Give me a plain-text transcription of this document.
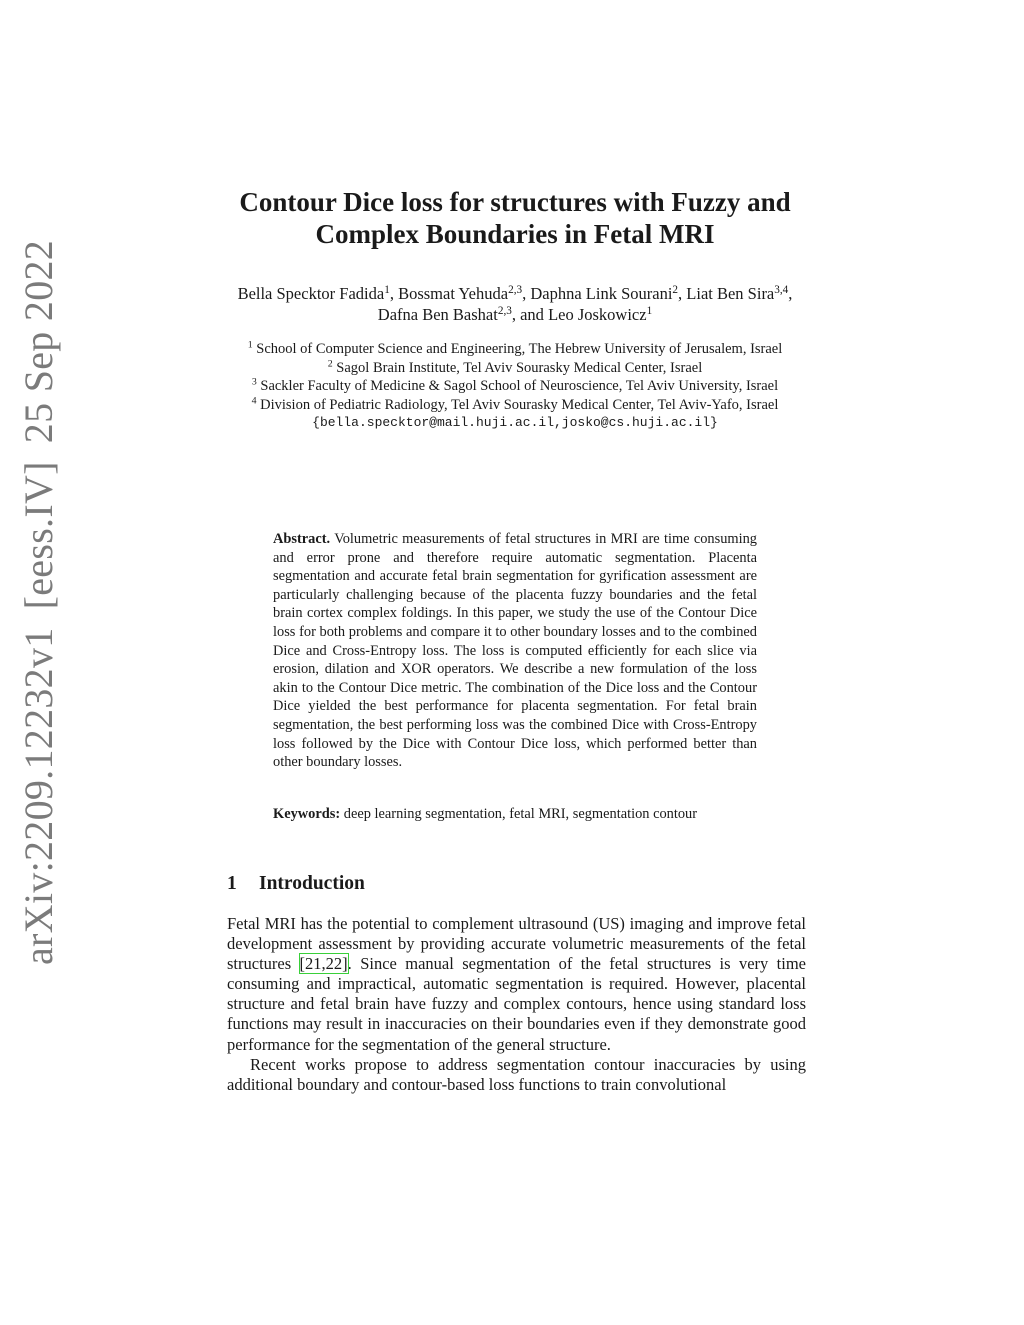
arXiv:2209.12232v1[eess.IV]25 Sep 2022
Contour Dice loss for structures with Fuzzy and
Complex Boundaries in Fetal MRI
Bella Specktor Fadida$^1$, Bossmat Yehuda$^{2,3}$, Daphna Link Sourani$^2$, Liat Ben Sira$^{3,4}$, Dafna Ben Bashat$^{2,3}$, and Leo Joskowicz$^1$

$^1$ School of Computer Science and Engineering, The Hebrew University of Jerusalem, Israel

$^2$ Sagol Brain Institute, Tel Aviv Sourasky Medical Center, Israel

$^3$ Sackler Faculty of Medicine & Sagol School of Neuroscience, Tel Aviv University, Israel

$^4$ Division of Pediatric Radiology, Tel Aviv Sourasky Medical Center, Tel Aviv-Yafo, Israel

{bella.specktor@mail.huji.ac.il,josko@cs.huji.ac.il}

Abstract. Volumetric measurements of fetal structures in MRI are time consuming and error prone and therefore require automatic segmentation. Placenta segmentation and accurate fetal brain segmentation for gyrification assessment are particularly challenging because of the placenta fuzzy boundaries and the fetal brain cortex complex foldings. In this paper, we study the use of the Contour Dice loss for both problems and compare it to other boundary losses and to the combined Dice and Cross-Entropy loss. The loss is computed efficiently for each slice via erosion, dilation and XOR operators. We describe a new formulation of the loss akin to the Contour Dice metric. The combination of the Dice loss and the Contour Dice yielded the best performance for placenta segmentation. For fetal brain segmentation, the best performing loss was the combined Dice with Cross-Entropy loss followed by the Dice with Contour Dice loss, which performed better than other boundary losses.
Keywords: deep learning segmentation, fetal MRI, segmentation contour
1 Introduction

Fetal MRI has the potential to complement ultrasound (US) imaging and improve fetal development assessment by providing accurate volumetric measurements of the fetal structures [21,22]. Since manual segmentation of the fetal structures is very time consuming and impractical, automatic segmentation is required. However, placental structure and fetal brain have fuzzy and complex contours, hence using standard loss functions may result in inaccuracies on their boundaries even if they demonstrate good performance for the segmentation of the general structure.

Recent works propose to address segmentation contour inaccuracies by using additional boundary and contour-based loss functions to train convolutional
